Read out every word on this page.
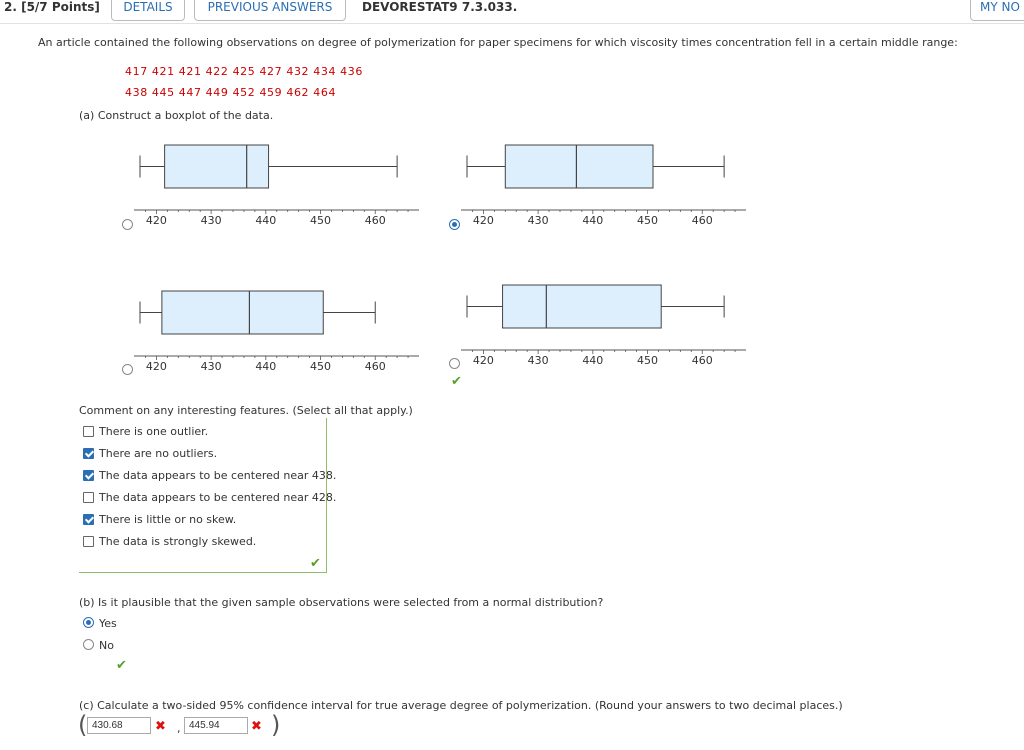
2. [5/7 Points]	DETAILS	PREVIOUS ANSWERS	DEVORESTAT9 7.3.033.	MY NO
An article contained the following observations on degree of polymerization for paper specimens for which viscosity times concentration fell in a certain middle range:
417 421 421 422 425 427 432 434 436
438 445 447 449 452 459 462 464
(a) Construct a boxplot of the data.
420	430	440	450	460	420	430	440	450	460
420	430	440	450	460	420	430	440	450	460
✔
Comment on any interesting features. (Select all that apply.)
There is one outlier.
There are no outliers.
The data appears to be centered near 438.
The data appears to be centered near 428.
There is little or no skew.
The data is strongly skewed.
✔
(b) Is it plausible that the given sample observations were selected from a normal distribution?
Yes
No
✔
(c) Calculate a two-sided 95% confidence interval for true average degree of polymerization. (Round your answers to two decimal places.)
( 430.68	✖ , 445.94	✖ )
